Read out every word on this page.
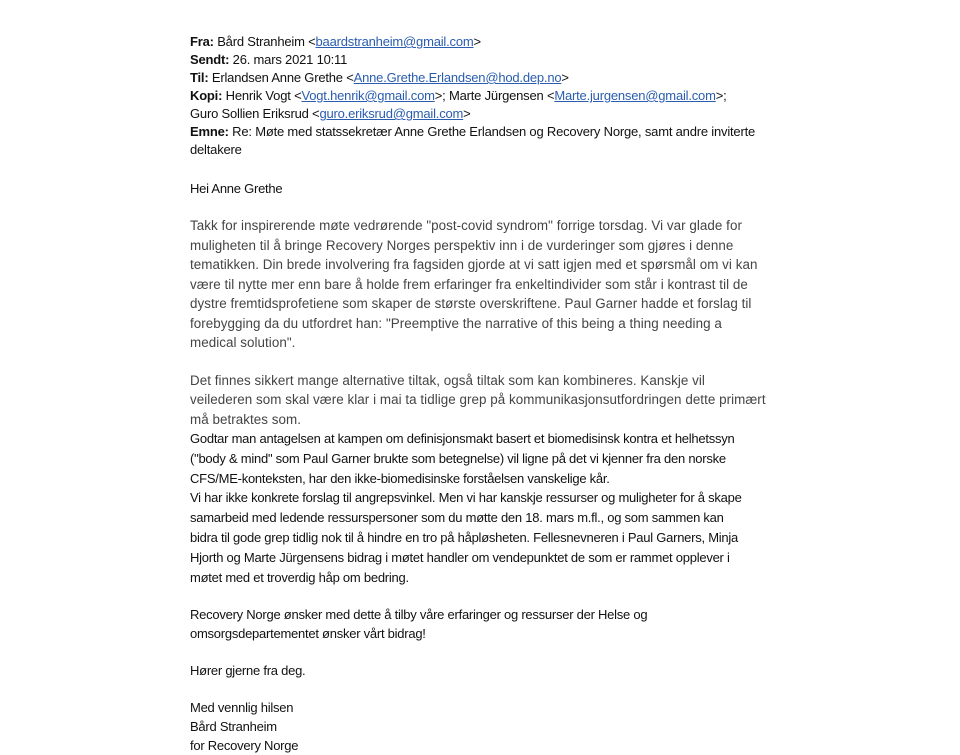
Fra: Bård Stranheim <baardstranheim@gmail.com>
Sendt: 26. mars 2021 10:11
Til: Erlandsen Anne Grethe <Anne.Grethe.Erlandsen@hod.dep.no>
Kopi: Henrik Vogt <Vogt.henrik@gmail.com>; Marte Jürgensen <Marte.jurgensen@gmail.com>;
Guro Sollien Eriksrud <guro.eriksrud@gmail.com>
Emne: Re: Møte med statssekretær Anne Grethe Erlandsen og Recovery Norge, samt andre inviterte
deltakere
Hei Anne Grethe

Takk for inspirerende møte vedrørende "post-covid syndrom" forrige torsdag. Vi var glade for

muligheten til å bringe Recovery Norges perspektiv inn i de vurderinger som gjøres i denne

tematikken. Din brede involvering fra fagsiden gjorde at vi satt igjen med et spørsmål om vi kan

være til nytte mer enn bare å holde frem erfaringer fra enkeltindivider som står i kontrast til de

dystre fremtidsprofetiene som skaper de største overskriftene. Paul Garner hadde et forslag til

forebygging da du utfordret han: "Preemptive the narrative of this being a thing needing a

medical solution".

Det finnes sikkert mange alternative tiltak, også tiltak som kan kombineres. Kanskje vil

veilederen som skal være klar i mai ta tidlige grep på kommunikasjonsutfordringen dette primært

må betraktes som.

Godtar man antagelsen at kampen om definisjonsmakt basert et biomedisinsk kontra et helhetssyn

("body & mind" som Paul Garner brukte som betegnelse) vil ligne på det vi kjenner fra den norske

CFS/ME-konteksten, har den ikke-biomedisinske forståelsen vanskelige kår.

Vi har ikke konkrete forslag til angrepsvinkel. Men vi har kanskje ressurser og muligheter for å skape

samarbeid med ledende ressurspersoner som du møtte den 18. mars m.fl., og som sammen kan

bidra til gode grep tidlig nok til å hindre en tro på håpløsheten. Fellesnevneren i Paul Garners, Minja

Hjorth og Marte Jürgensens bidrag i møtet handler om vendepunktet de som er rammet opplever i

møtet med et troverdig håp om bedring.

Recovery Norge ønsker med dette å tilby våre erfaringer og ressurser der Helse og

omsorgsdepartementet ønsker vårt bidrag!

Hører gjerne fra deg.

Med vennlig hilsen

Bård Stranheim

for Recovery Norge
